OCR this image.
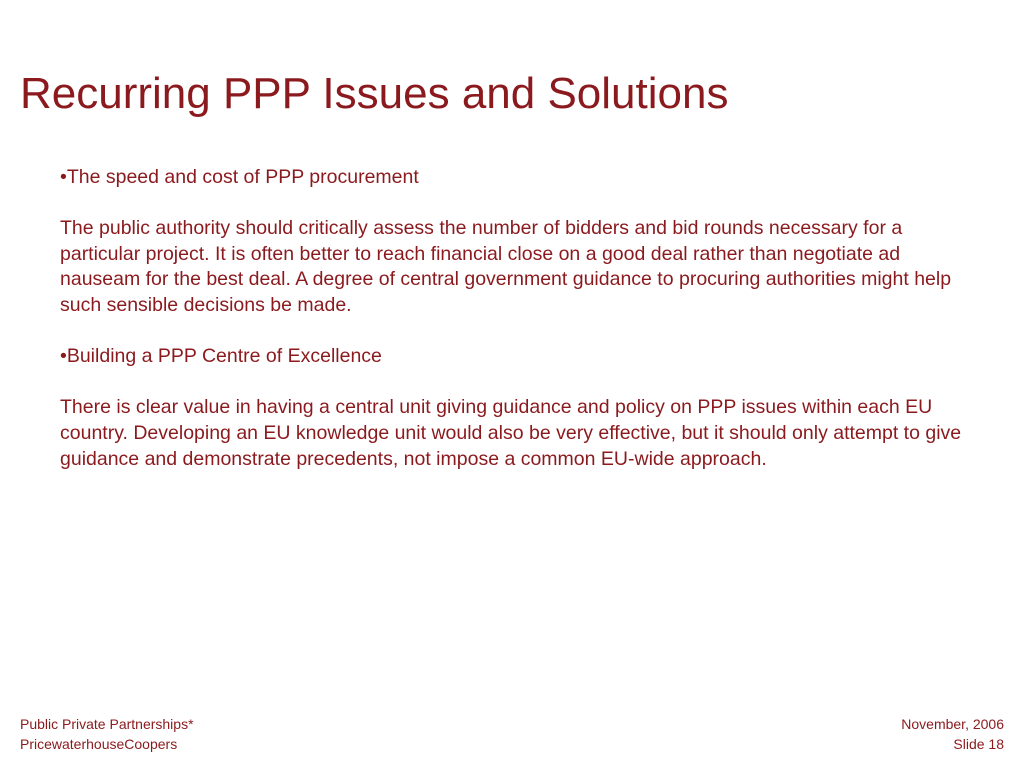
Recurring PPP Issues and Solutions

•The speed and cost of PPP procurement

The public authority should critically assess the number of bidders and bid rounds necessary for a particular project. It is often better to reach financial close on a good deal rather than negotiate ad nauseam for the best deal. A degree of central government guidance to procuring authorities might help such sensible decisions be made.

•Building a PPP Centre of Excellence

There is clear value in having a central unit giving guidance and policy on PPP issues within each EU country. Developing an EU knowledge unit would also be very effective, but it should only attempt to give guidance and demonstrate precedents, not impose a common EU-wide approach.

Public Private Partnerships*
PricewaterhouseCoopers
November, 2006
Slide 18
